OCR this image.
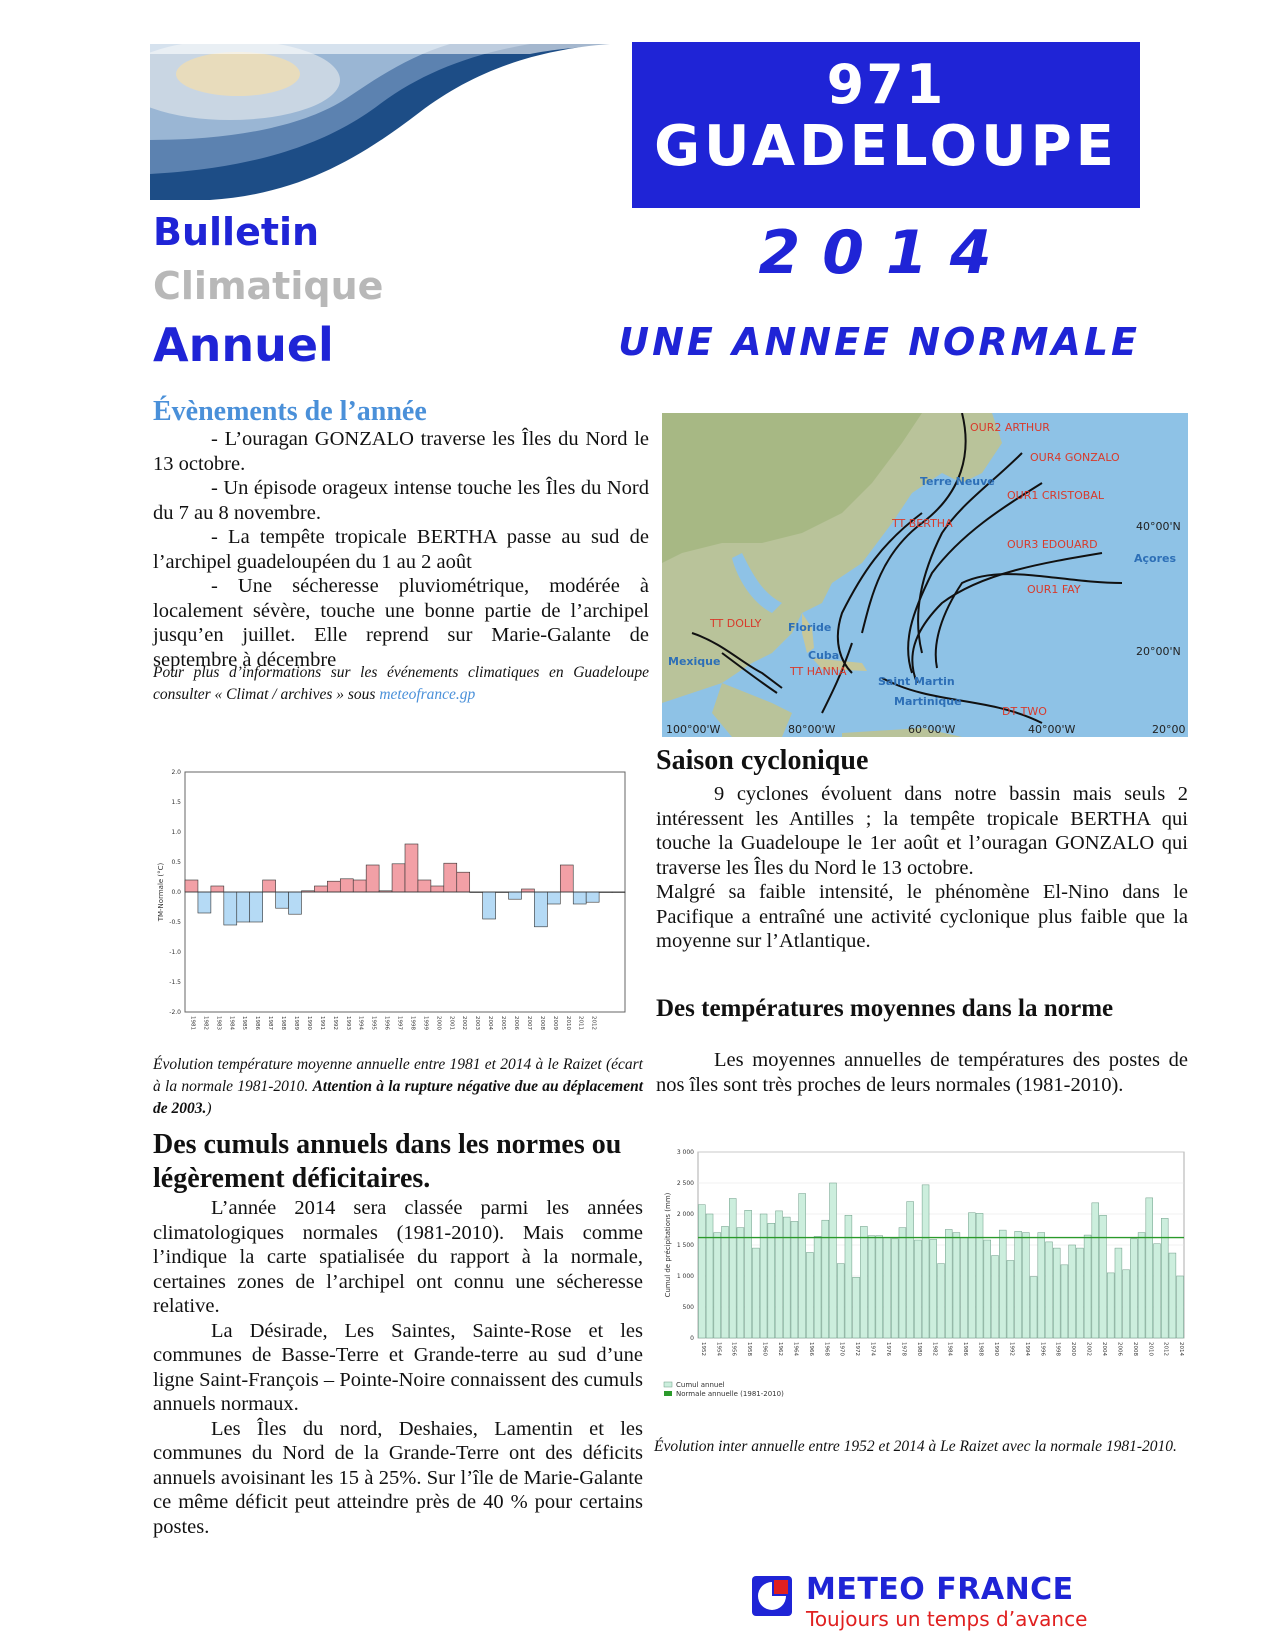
971
GUADELOUPE
2014
UNE ANNEE NORMALE
Bulletin
Climatique
Annuel
Évènements de l’année

- L’ouragan GONZALO traverse les Îles du Nord le 13 octobre.

- Un épisode orageux intense touche les Îles du Nord du 7 au 8 novembre.

- La tempête tropicale BERTHA passe au sud de l’archipel guadeloupéen du 1 au 2 août

- Une sécheresse pluviométrique, modérée à localement sévère, touche une bonne partie de l’archipel jusqu’en juillet. Elle reprend sur Marie-Galante de septembre à décembre

Pour plus d’informations sur les événements climatiques en Guadeloupe consulter « Climat / archives » sous meteofrance.gp
OUR2 ARTHUR
OUR4 GONZALO
OUR1 CRISTOBAL
TT BERTHA
OUR3 EDOUARD
OUR1 FAY
TT DOLLY
TT HANNA
DT TWO
Terre Neuve
Açores
Floride
Cuba
Mexique
Saint Martin
Martinique
40°00'N
20°00'N
100°00'W	80°00'W	60°00'W	40°00'W	20°00
Saison cyclonique

9 cyclones évoluent dans notre bassin mais seuls 2 intéressent les Antilles ; la tempête tropicale BERTHA qui touche la Guadeloupe le 1er août et l’ouragan GONZALO qui traverse les Îles du Nord le 13 octobre.

Malgré sa faible intensité, le phénomène El-Nino dans le Pacifique a entraîné une activité cyclonique plus faible que la moyenne sur l’Atlantique.

Des températures moyennes dans la norme

Les moyennes annuelles de températures des postes de nos îles sont très proches de leurs normales (1981-2010).

2.0
1.5
1.0
0.5
0.0
-0.5
-1.0
-1.5
-2.0
TM-Normale (°C)
1981 1982 1983 1984 1985 1986 1987 1988 1989 1990 1991 1992 1993 1994 1995 1996 1997 1998 1999 2000 2001 2002 2003 2004 2005 2006 2007 2008 2009 2010 2011 2012
Évolution température moyenne annuelle entre 1981 et 2014 à le Raizet (écart à la normale 1981-2010. Attention à la rupture négative due au déplacement de 2003.)
Des cumuls annuels dans les normes ou légèrement déficitaires.

L’année 2014 sera classée parmi les années climatologiques normales (1981-2010). Mais comme l’indique la carte spatialisée du rapport à la normale, certaines zones de l’archipel ont connu une sécheresse relative.

La Désirade, Les Saintes, Sainte-Rose et les communes de Basse-Terre et Grande-terre au sud d’une ligne Saint-François – Pointe-Noire connaissent des cumuls annuels normaux.

Les Îles du nord, Deshaies, Lamentin et les communes du Nord de la Grande-Terre ont des déficits annuels avoisinant les 15 à 25%. Sur l’île de Marie-Galante ce même déficit peut atteindre près de 40 % pour certains postes.

3 000
2 500
2 000
1 500
1 000
500
0
Cumul de précipitations (mm)
1952 1954 1956 1958 1960 1962 1964 1966 1968 1970 1972 1974 1976 1978 1980 1982 1984 1986 1988 1990 1992 1994 1996 1998 2000 2002 2004 2006 2008 2010 2012 2014
Cumul annuel
Normale annuelle (1981-2010)
Évolution inter annuelle entre 1952 et 2014 à Le Raizet avec la normale 1981-2010.
METEO FRANCE
Toujours un temps d’avance
